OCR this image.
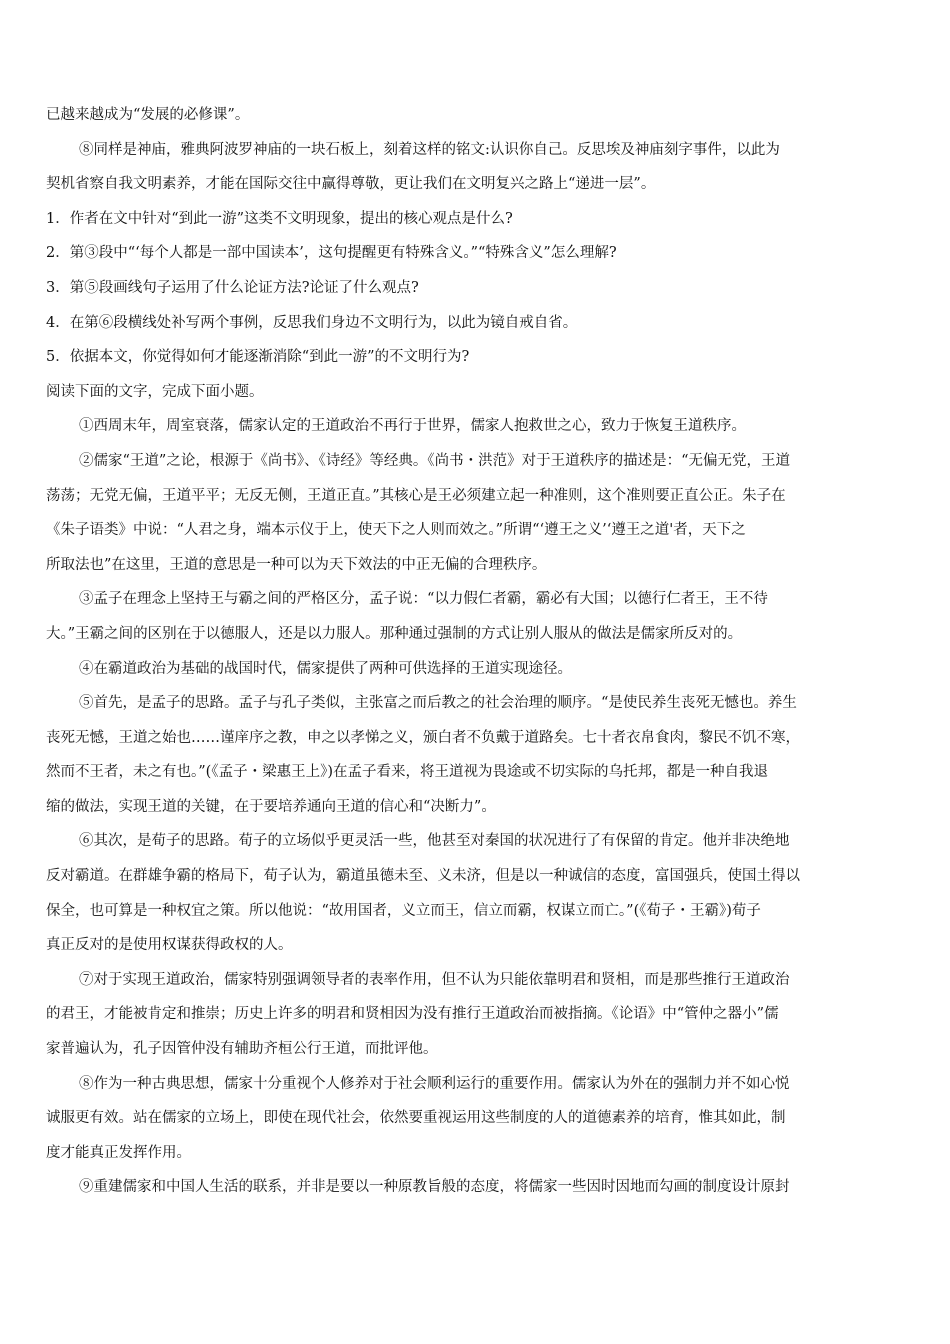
已越来越成为“发展的必修课”。

⑧同样是神庙，雅典阿波罗神庙的一块石板上，刻着这样的铭文:认识你自己。反思埃及神庙刻字事件，以此为

契机省察自我文明素养，才能在国际交往中赢得尊敬，更让我们在文明复兴之路上“递进一层”。

1．作者在文中针对“到此一游”这类不文明现象，提出的核心观点是什么?

2．第③段中“‘每个人都是一部中国读本’，这句提醒更有特殊含义。”“特殊含义”怎么理解?

3．第⑤段画线句子运用了什么论证方法?论证了什么观点?

4．在第⑥段横线处补写两个事例，反思我们身边不文明行为，以此为镜自戒自省。

5．依据本文，你觉得如何才能逐渐消除“到此一游”的不文明行为?

阅读下面的文字，完成下面小题。

①西周末年，周室衰落，儒家认定的王道政治不再行于世界，儒家人抱救世之心，致力于恢复王道秩序。

②儒家“王道”之论，根源于《尚书》、《诗经》等经典。《尚书・洪范》对于王道秩序的描述是：“无偏无党，王道

荡荡；无党无偏，王道平平；无反无侧，王道正直。”其核心是王必须建立起一种准则，这个准则要正直公正。朱子在

《朱子语类》中说：“人君之身，端本示仪于上，使天下之人则而效之。”所谓“‘遵王之义’‘遵王之道'者，天下之

所取法也”在这里，王道的意思是一种可以为天下效法的中正无偏的合理秩序。

③孟子在理念上坚持王与霸之间的严格区分，孟子说：“以力假仁者霸，霸必有大国；以德行仁者王，王不待

大。”王霸之间的区别在于以德服人，还是以力服人。那种通过强制的方式让别人服从的做法是儒家所反对的。

④在霸道政治为基础的战国时代，儒家提供了两种可供选择的王道实现途径。

⑤首先，是孟子的思路。孟子与孔子类似，主张富之而后教之的社会治理的顺序。“是使民养生丧死无憾也。养生

丧死无憾，王道之始也……谨庠序之教，申之以孝悌之义，颁白者不负戴于道路矣。七十者衣帛食肉，黎民不饥不寒，

然而不王者，未之有也。”(《孟子・梁惠王上》)在孟子看来，将王道视为畏途或不切实际的乌托邦，都是一种自我退

缩的做法，实现王道的关键，在于要培养通向王道的信心和“决断力”。

⑥其次，是荀子的思路。荀子的立场似乎更灵活一些，他甚至对秦国的状况进行了有保留的肯定。他并非决绝地

反对霸道。在群雄争霸的格局下，荀子认为，霸道虽德未至、义未济，但是以一种诚信的态度，富国强兵，使国土得以

保全，也可算是一种权宜之策。所以他说：“故用国者，义立而王，信立而霸，权谋立而亡。”(《荀子・王霸》)荀子

真正反对的是使用权谋获得政权的人。

⑦对于实现王道政治，儒家特别强调领导者的表率作用，但不认为只能依靠明君和贤相，而是那些推行王道政治

的君王，才能被肯定和推崇；历史上许多的明君和贤相因为没有推行王道政治而被指摘。《论语》中“管仲之器小”儒

家普遍认为，孔子因管仲没有辅助齐桓公行王道，而批评他。

⑧作为一种古典思想，儒家十分重视个人修养对于社会顺利运行的重要作用。儒家认为外在的强制力并不如心悦

诚服更有效。站在儒家的立场上，即使在现代社会，依然要重视运用这些制度的人的道德素养的培育，惟其如此，制

度才能真正发挥作用。

⑨重建儒家和中国人生活的联系，并非是要以一种原教旨般的态度，将儒家一些因时因地而勾画的制度设计原封
